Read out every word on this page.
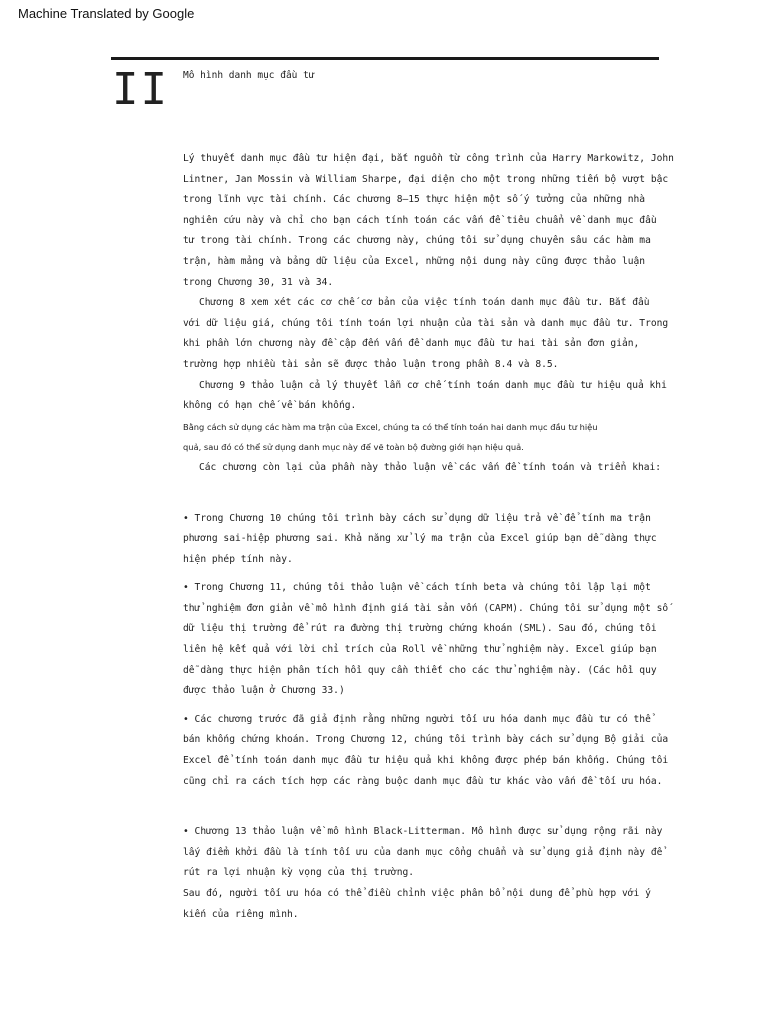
Machine Translated by Google
II Mô hình danh mục đầu tư

Lý thuyết danh mục đầu tư hiện đại, bắt nguồn từ công trình của Harry Markowitz, John

Lintner, Jan Mossin và William Sharpe, đại diện cho một trong những tiến bộ vượt bậc

trong lĩnh vực tài chính. Các chương 8–15 thực hiện một số ý tưởng của những nhà

nghiên cứu này và chỉ cho bạn cách tính toán các vấn đề tiêu chuẩn về danh mục đầu

tư trong tài chính. Trong các chương này, chúng tôi sử dụng chuyên sâu các hàm ma

trận, hàm mảng và bảng dữ liệu của Excel, những nội dung này cũng được thảo luận

trong Chương 30, 31 và 34.

Chương 8 xem xét các cơ chế cơ bản của việc tính toán danh mục đầu tư. Bắt đầu

với dữ liệu giá, chúng tôi tính toán lợi nhuận của tài sản và danh mục đầu tư. Trong

khi phần lớn chương này đề cập đến vấn đề danh mục đầu tư hai tài sản đơn giản,

trường hợp nhiều tài sản sẽ được thảo luận trong phần 8.4 và 8.5.

Chương 9 thảo luận cả lý thuyết lẫn cơ chế tính toán danh mục đầu tư hiệu quả khi

không có hạn chế về bán khống.

Bằng cách sử dụng các hàm ma trận của Excel, chúng ta có thể tính toán hai danh mục đầu tư hiệu

quả, sau đó có thể sử dụng danh mục này để vẽ toàn bộ đường giới hạn hiệu quả.

Các chương còn lại của phần này thảo luận về các vấn đề tính toán và triển khai:

• Trong Chương 10 chúng tôi trình bày cách sử dụng dữ liệu trả về để tính ma trận

phương sai-hiệp phương sai. Khả năng xử lý ma trận của Excel giúp bạn dễ dàng thực

hiện phép tính này.

• Trong Chương 11, chúng tôi thảo luận về cách tính beta và chúng tôi lập lại một

thử nghiệm đơn giản về mô hình định giá tài sản vốn (CAPM). Chúng tôi sử dụng một số

dữ liệu thị trường để rút ra đường thị trường chứng khoán (SML). Sau đó, chúng tôi

liên hệ kết quả với lời chỉ trích của Roll về những thử nghiệm này. Excel giúp bạn

dễ dàng thực hiện phân tích hồi quy cần thiết cho các thử nghiệm này. (Các hồi quy

được thảo luận ở Chương 33.)

• Các chương trước đã giả định rằng những người tối ưu hóa danh mục đầu tư có thể

bán khống chứng khoán. Trong Chương 12, chúng tôi trình bày cách sử dụng Bộ giải của

Excel để tính toán danh mục đầu tư hiệu quả khi không được phép bán khống. Chúng tôi

cũng chỉ ra cách tích hợp các ràng buộc danh mục đầu tư khác vào vấn đề tối ưu hóa.

• Chương 13 thảo luận về mô hình Black-Litterman. Mô hình được sử dụng rộng rãi này

lấy điểm khởi đầu là tính tối ưu của danh mục cổng chuẩn và sử dụng giả định này để

rút ra lợi nhuận kỳ vọng của thị trường.

Sau đó, người tối ưu hóa có thể điều chỉnh việc phân bổ nội dung để phù hợp với ý

kiến của riêng mình.
